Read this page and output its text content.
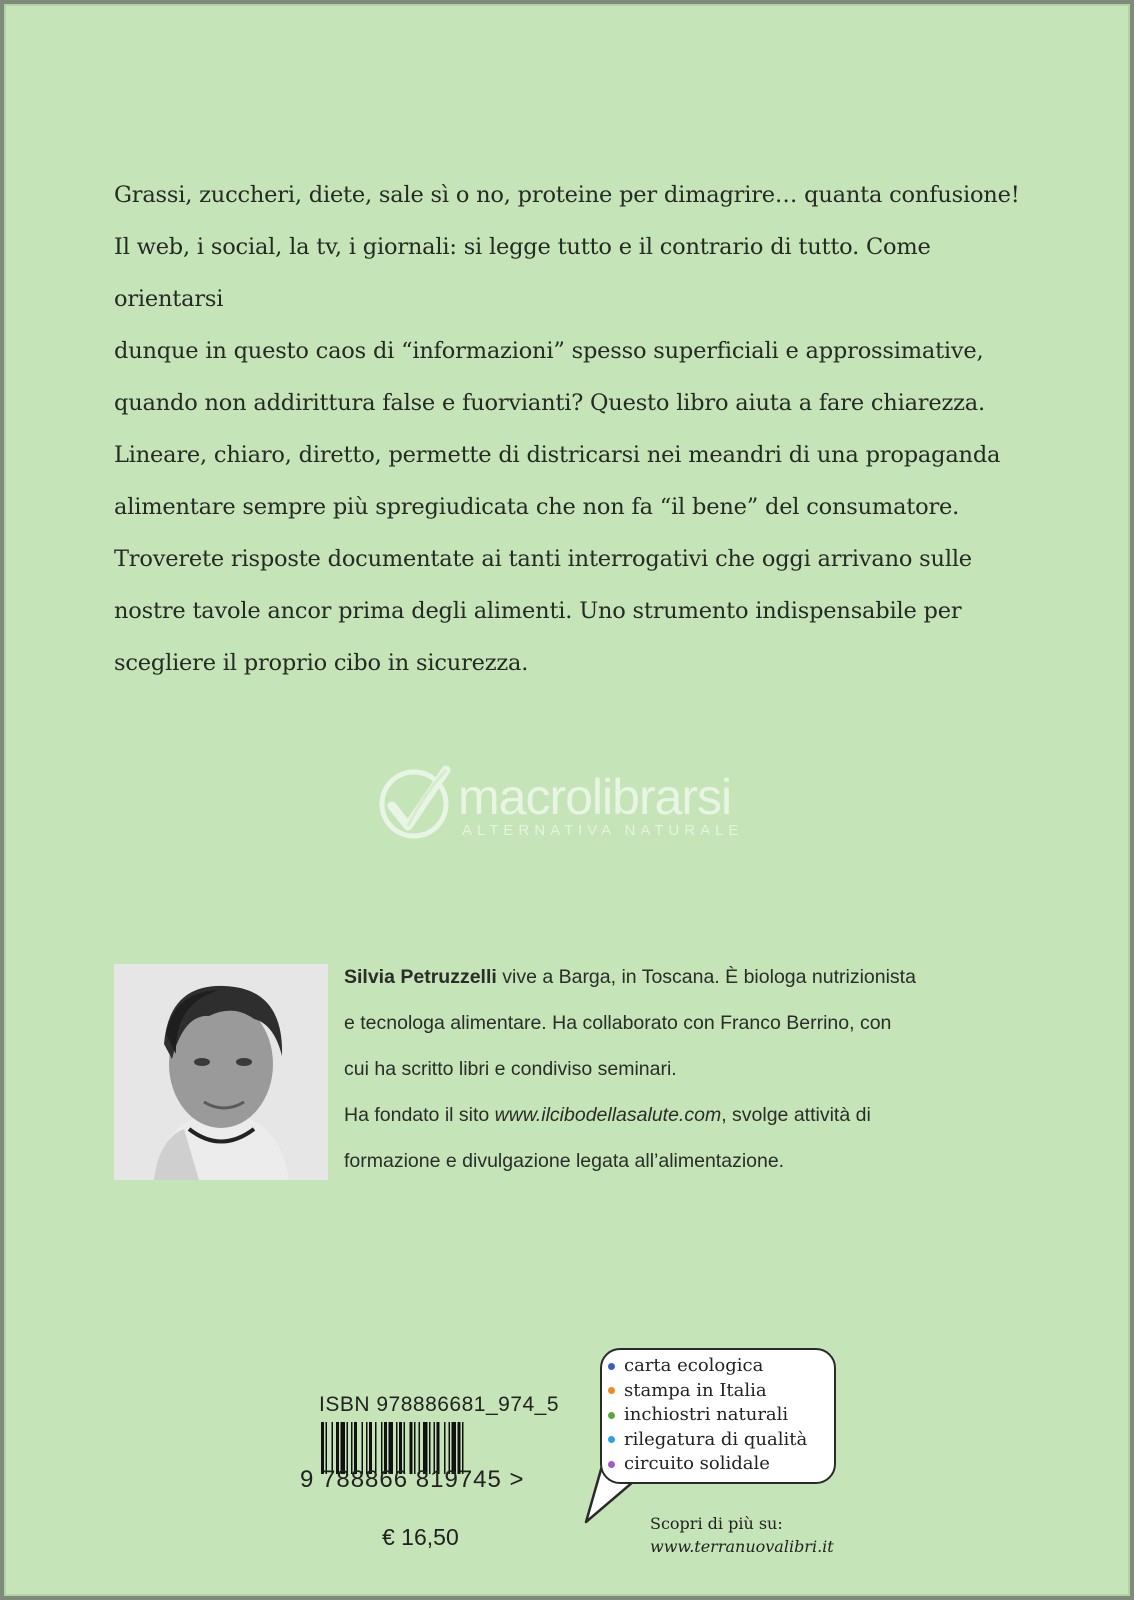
Grassi, zuccheri, diete, sale sì o no, proteine per dimagrire… quanta confusione!

Il web, i social, la tv, i giornali: si legge tutto e il contrario di tutto. Come orientarsi

dunque in questo caos di “informazioni” spesso superficiali e approssimative,

quando non addirittura false e fuorvianti? Questo libro aiuta a fare chiarezza.

Lineare, chiaro, diretto, permette di districarsi nei meandri di una propaganda

alimentare sempre più spregiudicata che non fa “il bene” del consumatore.

Troverete risposte documentate ai tanti interrogativi che oggi arrivano sulle

nostre tavole ancor prima degli alimenti. Uno strumento indispensabile per

scegliere il proprio cibo in sicurezza.

macrolibrarsi
ALTERNATIVA NATURALE

Silvia Petruzzelli vive a Barga, in Toscana. È biologa nutrizionista

e tecnologa alimentare. Ha collaborato con Franco Berrino, con

cui ha scritto libri e condiviso seminari.

Ha fondato il sito www.ilcibodellasalute.com, svolge attività di

formazione e divulgazione legata all’alimentazione.

ISBN 978886681_974_5
9 788866 819745 >
€ 16,50
carta ecologica
stampa in Italia
inchiostri naturali
rilegatura di qualità
circuito solidale
Scopri di più su:
www.terranuovalibri.it
